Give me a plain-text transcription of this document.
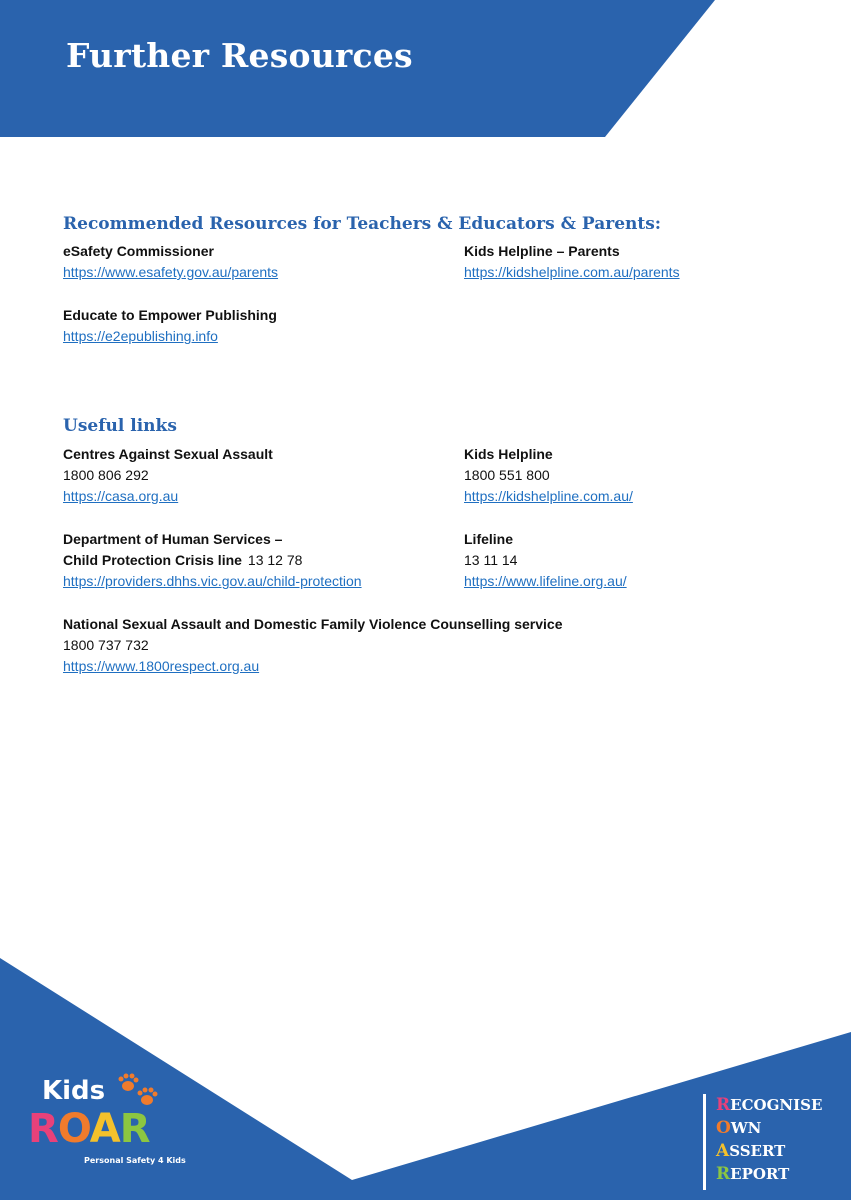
Further Resources
Recommended Resources for Teachers & Educators & Parents:
eSafety Commissioner
https://www.esafety.gov.au/parents
Kids Helpline – Parents
https://kidshelpline.com.au/parents
Educate to Empower Publishing
https://e2epublishing.info
Useful links
Centres Against Sexual Assault
1800 806 292
https://casa.org.au
Kids Helpline
1800 551 800
https://kidshelpline.com.au/
Department of Human Services –
Child Protection Crisis line 13 12 78
https://providers.dhhs.vic.gov.au/child-protection
Lifeline
13 11 14
https://www.lifeline.org.au/
National Sexual Assault and Domestic Family Violence Counselling service
1800 737 732
https://www.1800respect.org.au
Kids
ROAR
Personal Safety 4 Kids
RECOGNISE
OWN
ASSERT
REPORT
